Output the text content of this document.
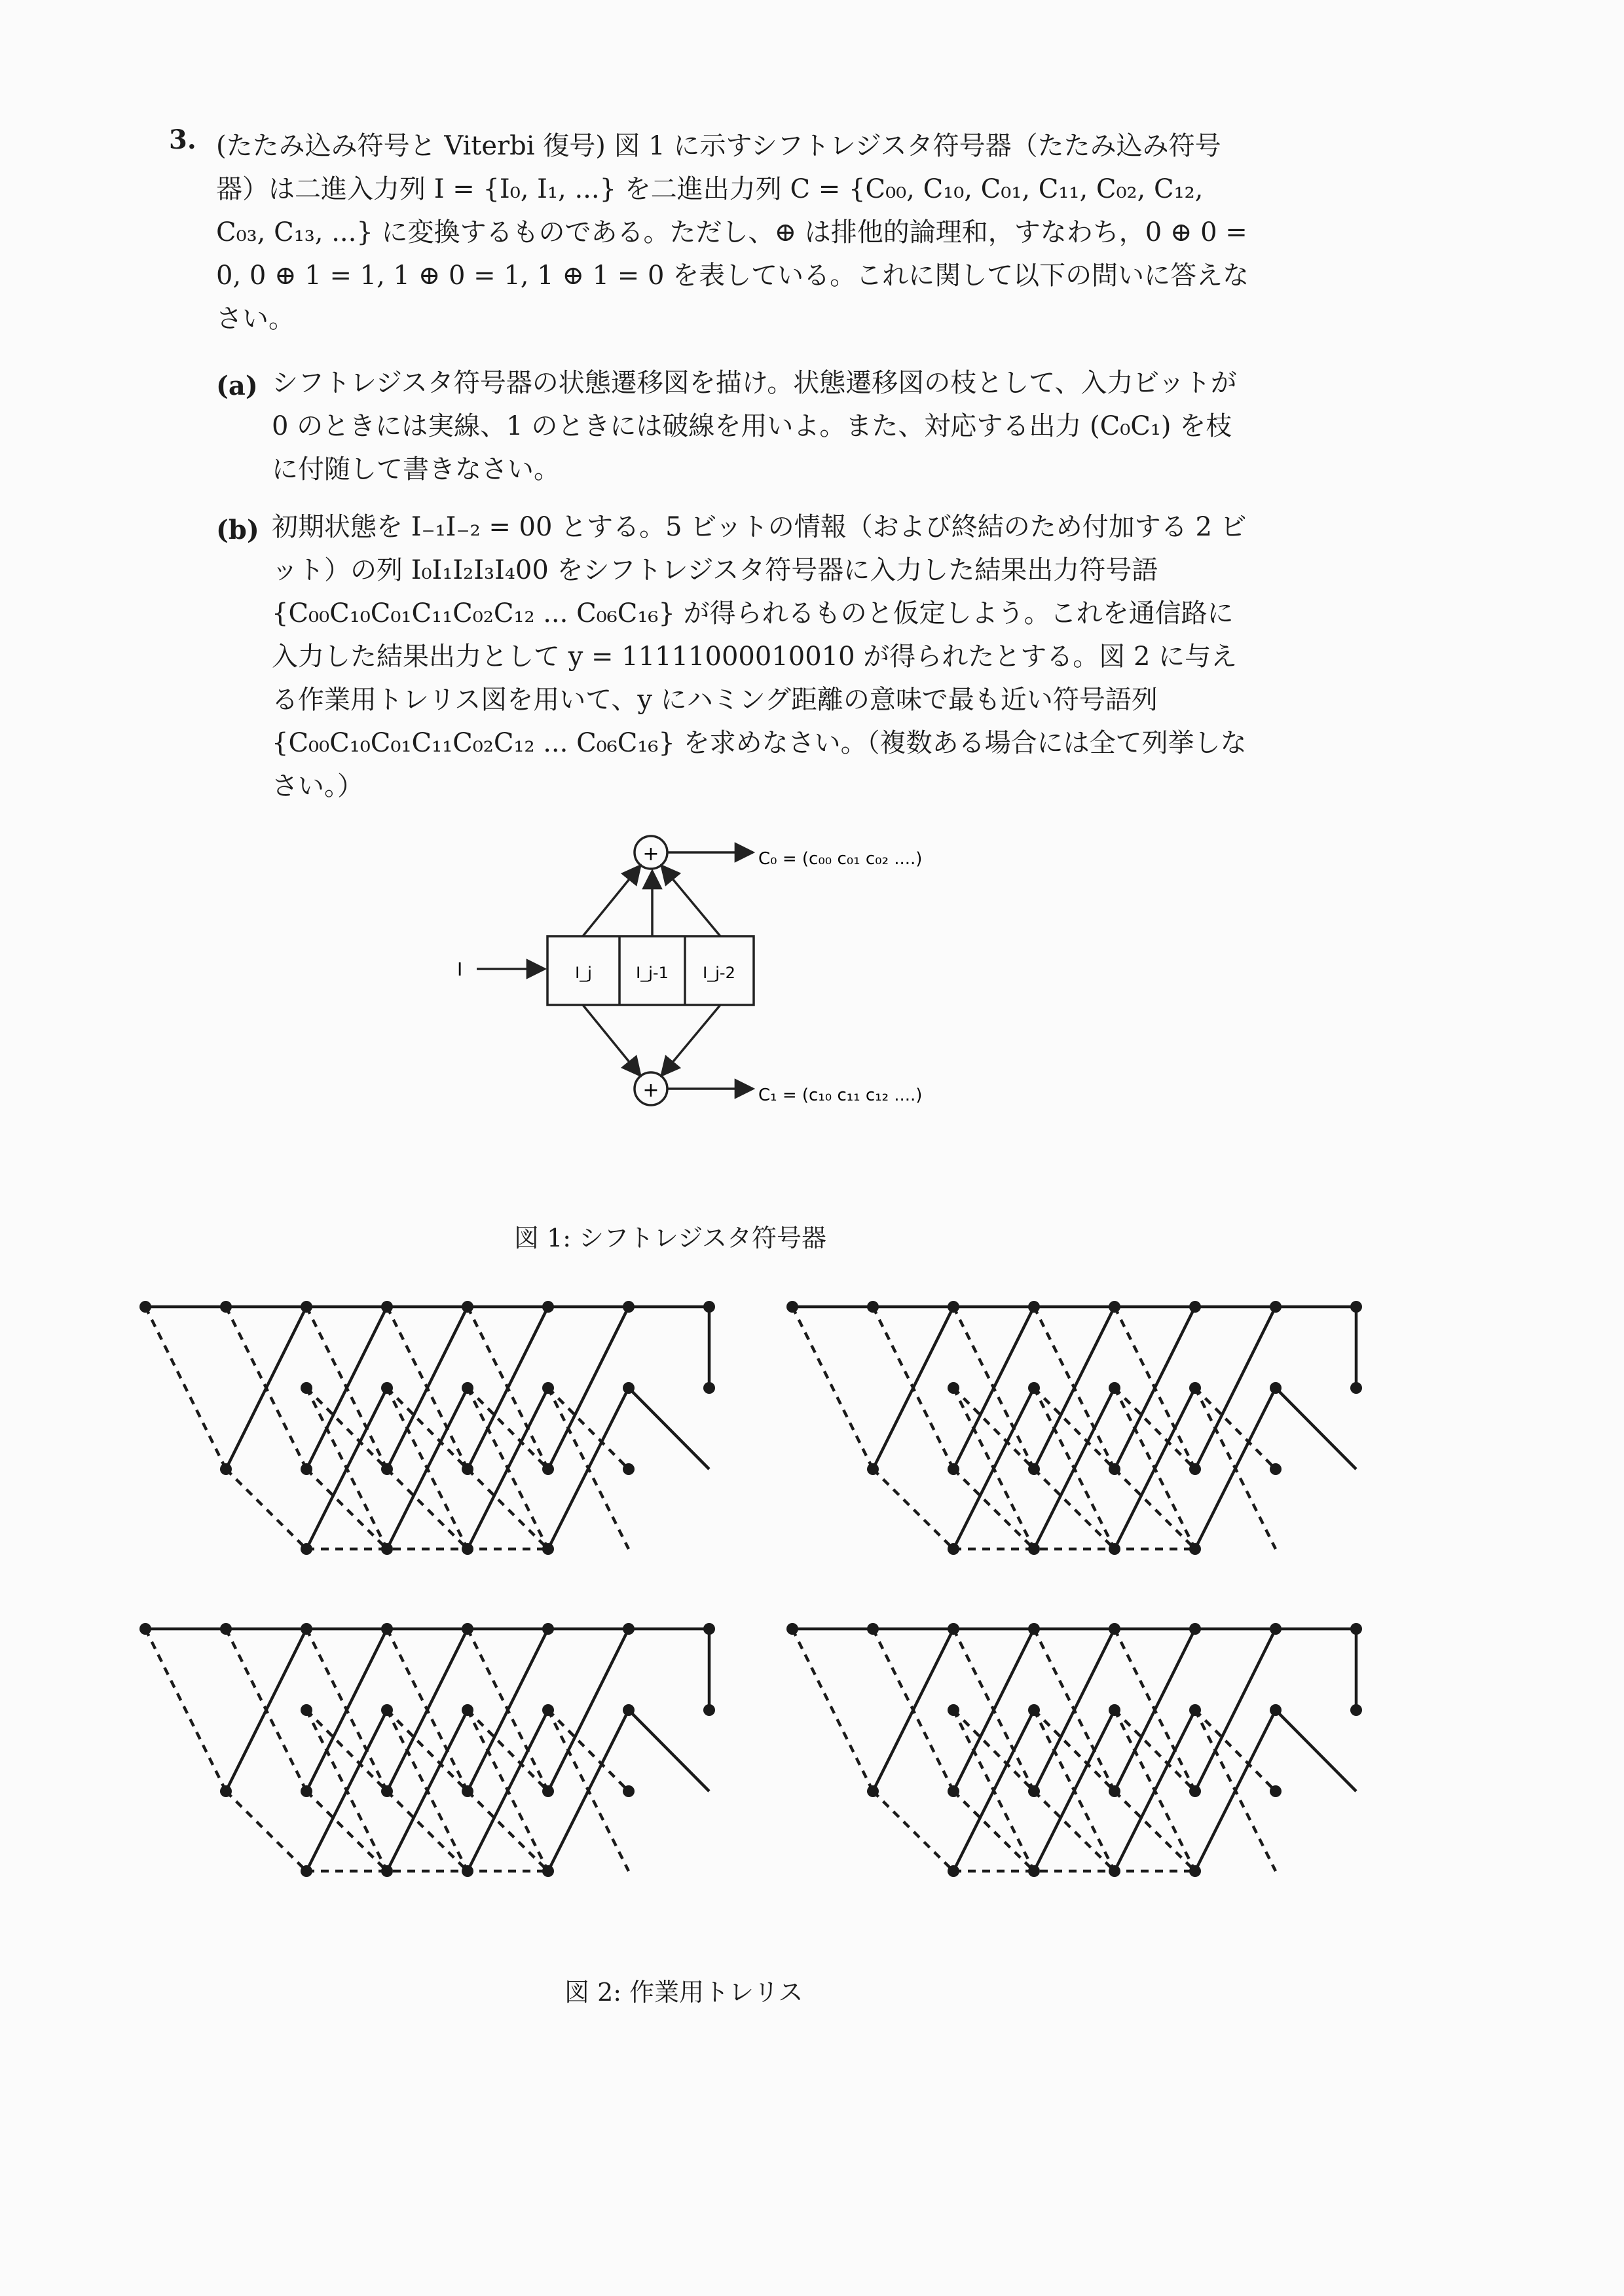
3. (たたみ込み符号と Viterbi 復号) 図 1 に示すシフトレジスタ符号器（たたみ込み符号器）は二進入力列 I = {I₀, I₁, ...} を二進出力列 C = {C₀₀, C₁₀, C₀₁, C₁₁, C₀₂, C₁₂, C₀₃, C₁₃, ...} に変換するものである。ただし、⊕ は排他的論理和，すなわち，0 ⊕ 0 = 0, 0 ⊕ 1 = 1, 1 ⊕ 0 = 1, 1 ⊕ 1 = 0 を表している。これに関して以下の問いに答えなさい。

(a) シフトレジスタ符号器の状態遷移図を描け。状態遷移図の枝として、入力ビットが 0 のときには実線、1 のときには破線を用いよ。また、対応する出力 (C₀C₁) を枝に付随して書きなさい。

(b) 初期状態を I₋₁I₋₂ = 00 とする。5 ビットの情報（および終結のため付加する 2 ビット）の列 I₀I₁I₂I₃I₄00 をシフトレジスタ符号器に入力した結果出力符号語 {C₀₀C₁₀C₀₁C₁₁C₀₂C₁₂ ... C₀₆C₁₆} が得られるものと仮定しよう。これを通信路に入力した結果出力として y = 11111000010010 が得られたとする。図 2 に与える作業用トレリス図を用いて、y にハミング距離の意味で最も近い符号語列 {C₀₀C₁₀C₀₁C₁₁C₀₂C₁₂ ... C₀₆C₁₆} を求めなさい。（複数ある場合には全て列挙しなさい。）

+
+
I	I_j	I_j-1 I_j-2
C₀ = (c₀₀ c₀₁ c₀₂ ....)
C₁ = (c₁₀ c₁₁ c₁₂ ....)
図 1: シフトレジスタ符号器
図 2: 作業用トレリス
